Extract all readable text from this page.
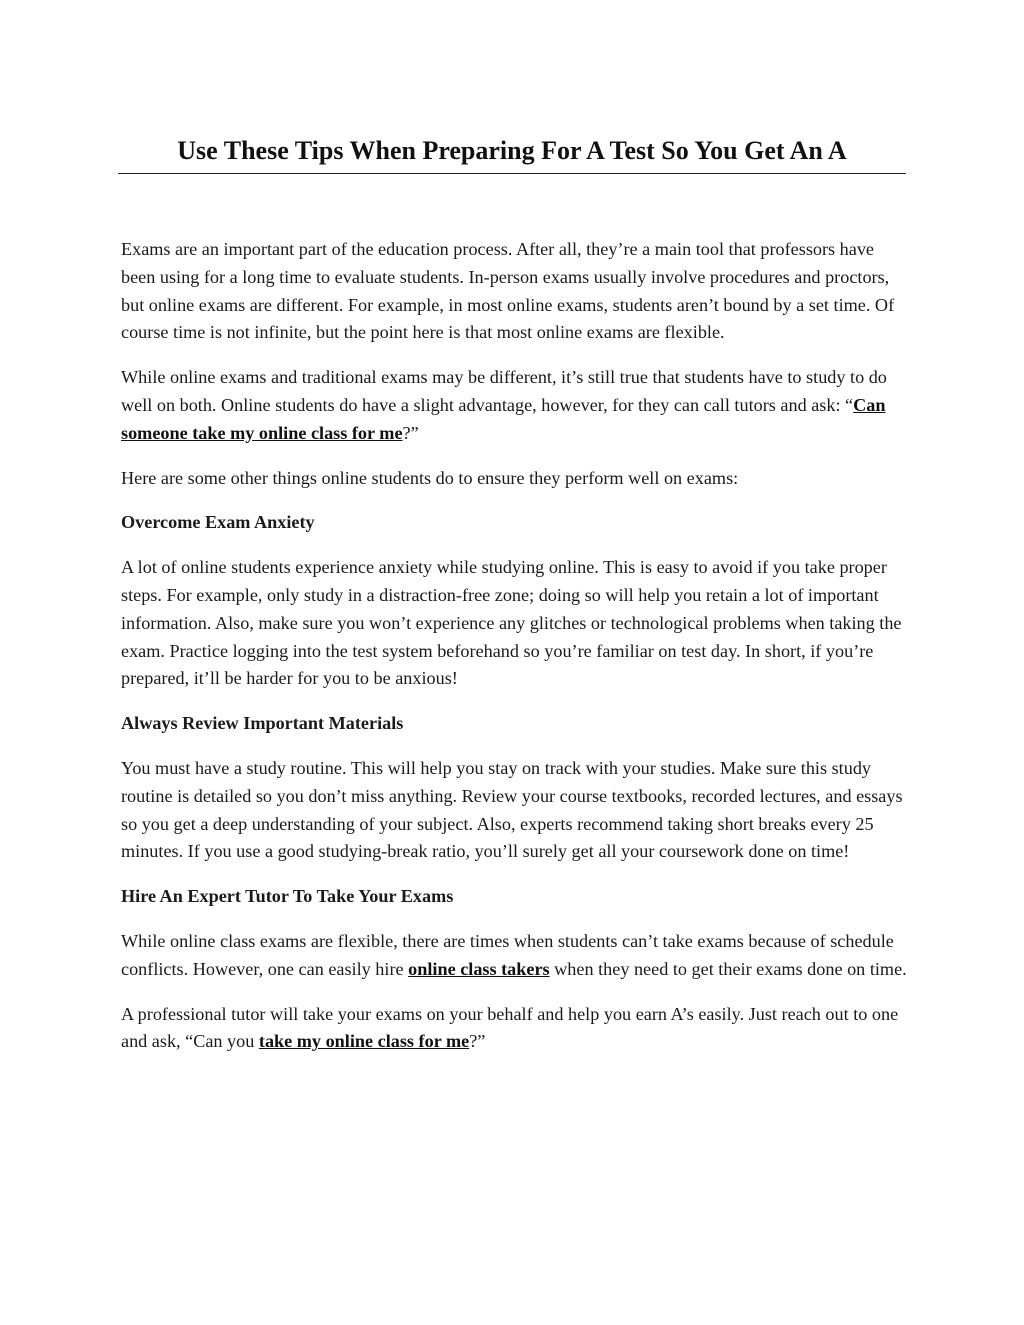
Use These Tips When Preparing For A Test So You Get An A

Exams are an important part of the education process. After all, they’re a main tool that professors have been using for a long time to evaluate students. In-person exams usually involve procedures and proctors, but online exams are different. For example, in most online exams, students aren’t bound by a set time. Of course time is not infinite, but the point here is that most online exams are flexible.

While online exams and traditional exams may be different, it’s still true that students have to study to do well on both. Online students do have a slight advantage, however, for they can call tutors and ask: “Can someone take my online class for me?”

Here are some other things online students do to ensure they perform well on exams:

Overcome Exam Anxiety

A lot of online students experience anxiety while studying online. This is easy to avoid if you take proper steps. For example, only study in a distraction-free zone; doing so will help you retain a lot of important information. Also, make sure you won’t experience any glitches or technological problems when taking the exam. Practice logging into the test system beforehand so you’re familiar on test day. In short, if you’re prepared, it’ll be harder for you to be anxious!

Always Review Important Materials

You must have a study routine. This will help you stay on track with your studies. Make sure this study routine is detailed so you don’t miss anything. Review your course textbooks, recorded lectures, and essays so you get a deep understanding of your subject. Also, experts recommend taking short breaks every 25 minutes. If you use a good studying-break ratio, you’ll surely get all your coursework done on time!

Hire An Expert Tutor To Take Your Exams

While online class exams are flexible, there are times when students can’t take exams because of schedule conflicts. However, one can easily hire online class takers when they need to get their exams done on time.

A professional tutor will take your exams on your behalf and help you earn A’s easily. Just reach out to one and ask, “Can you take my online class for me?”
